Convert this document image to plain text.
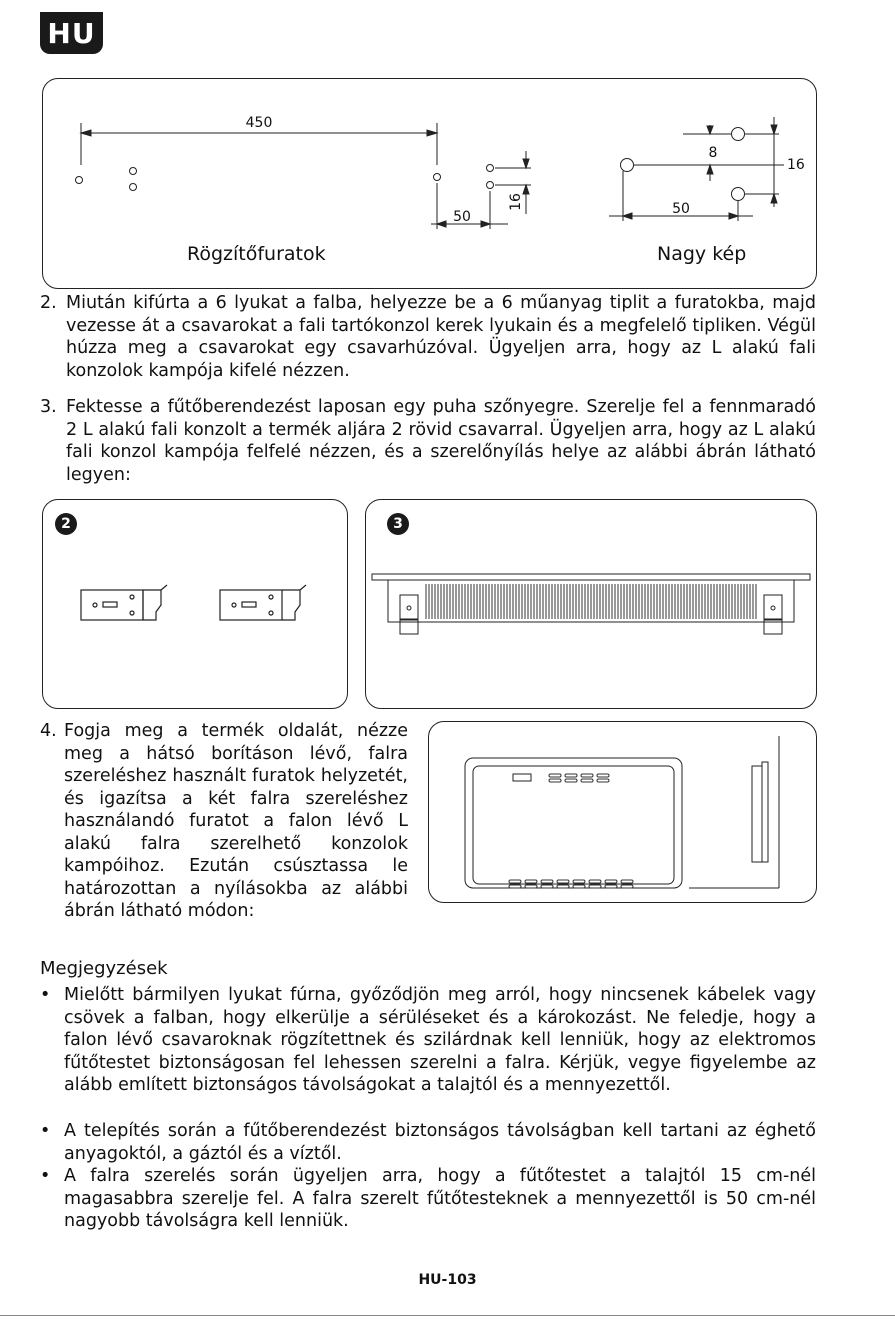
HU
450
50
16
8
16
50
Rögzítőfuratok	Nagy kép
2. Miután kifúrta a 6 lyukat a falba, helyezze be a 6 műanyag tiplit a furatokba, majd vezesse át a csavarokat a fali tartókonzol kerek lyukain és a megfelelő tipliken. Végül húzza meg a csavarokat egy csavarhúzóval. Ügyeljen arra, hogy az L alakú fali konzolok kampója kifelé nézzen.
3. Fektesse a fűtőberendezést laposan egy puha szőnyegre. Szerelje fel a fennmaradó 2 L alakú fali konzolt a termék aljára 2 rövid csavarral. Ügyeljen arra, hogy az L alakú fali konzol kampója felfelé nézzen, és a szerelőnyílás helye az alábbi ábrán látható legyen:
2	3
4. Fogja meg a termék oldalát, nézze meg a hátsó borításon lévő, falra szereléshez használt furatok helyzetét, és igazítsa a két falra szereléshez használandó furatot a falon lévő L alakú falra szerelhető konzolok kampóihoz. Ezután csúsztassa le határozottan a nyílásokba az alábbi ábrán látható módon:
Megjegyzések
• Mielőtt bármilyen lyukat fúrna, győződjön meg arról, hogy nincsenek kábelek vagy csövek a falban, hogy elkerülje a sérüléseket és a károkozást. Ne feledje, hogy a falon lévő csavaroknak rögzítettnek és szilárdnak kell lenniük, hogy az elektromos fűtőtestet biztonságosan fel lehessen szerelni a falra. Kérjük, vegye figyelembe az alább említett biztonságos távolságokat a talajtól és a mennyezettől.
• A telepítés során a fűtőberendezést biztonságos távolságban kell tartani az éghető anyagoktól, a gáztól és a víztől.
• A falra szerelés során ügyeljen arra, hogy a fűtőtestet a talajtól 15 cm-nél magasabbra szerelje fel. A falra szerelt fűtőtesteknek a mennyezettől is 50 cm-nél nagyobb távolságra kell lenniük.
HU-103
